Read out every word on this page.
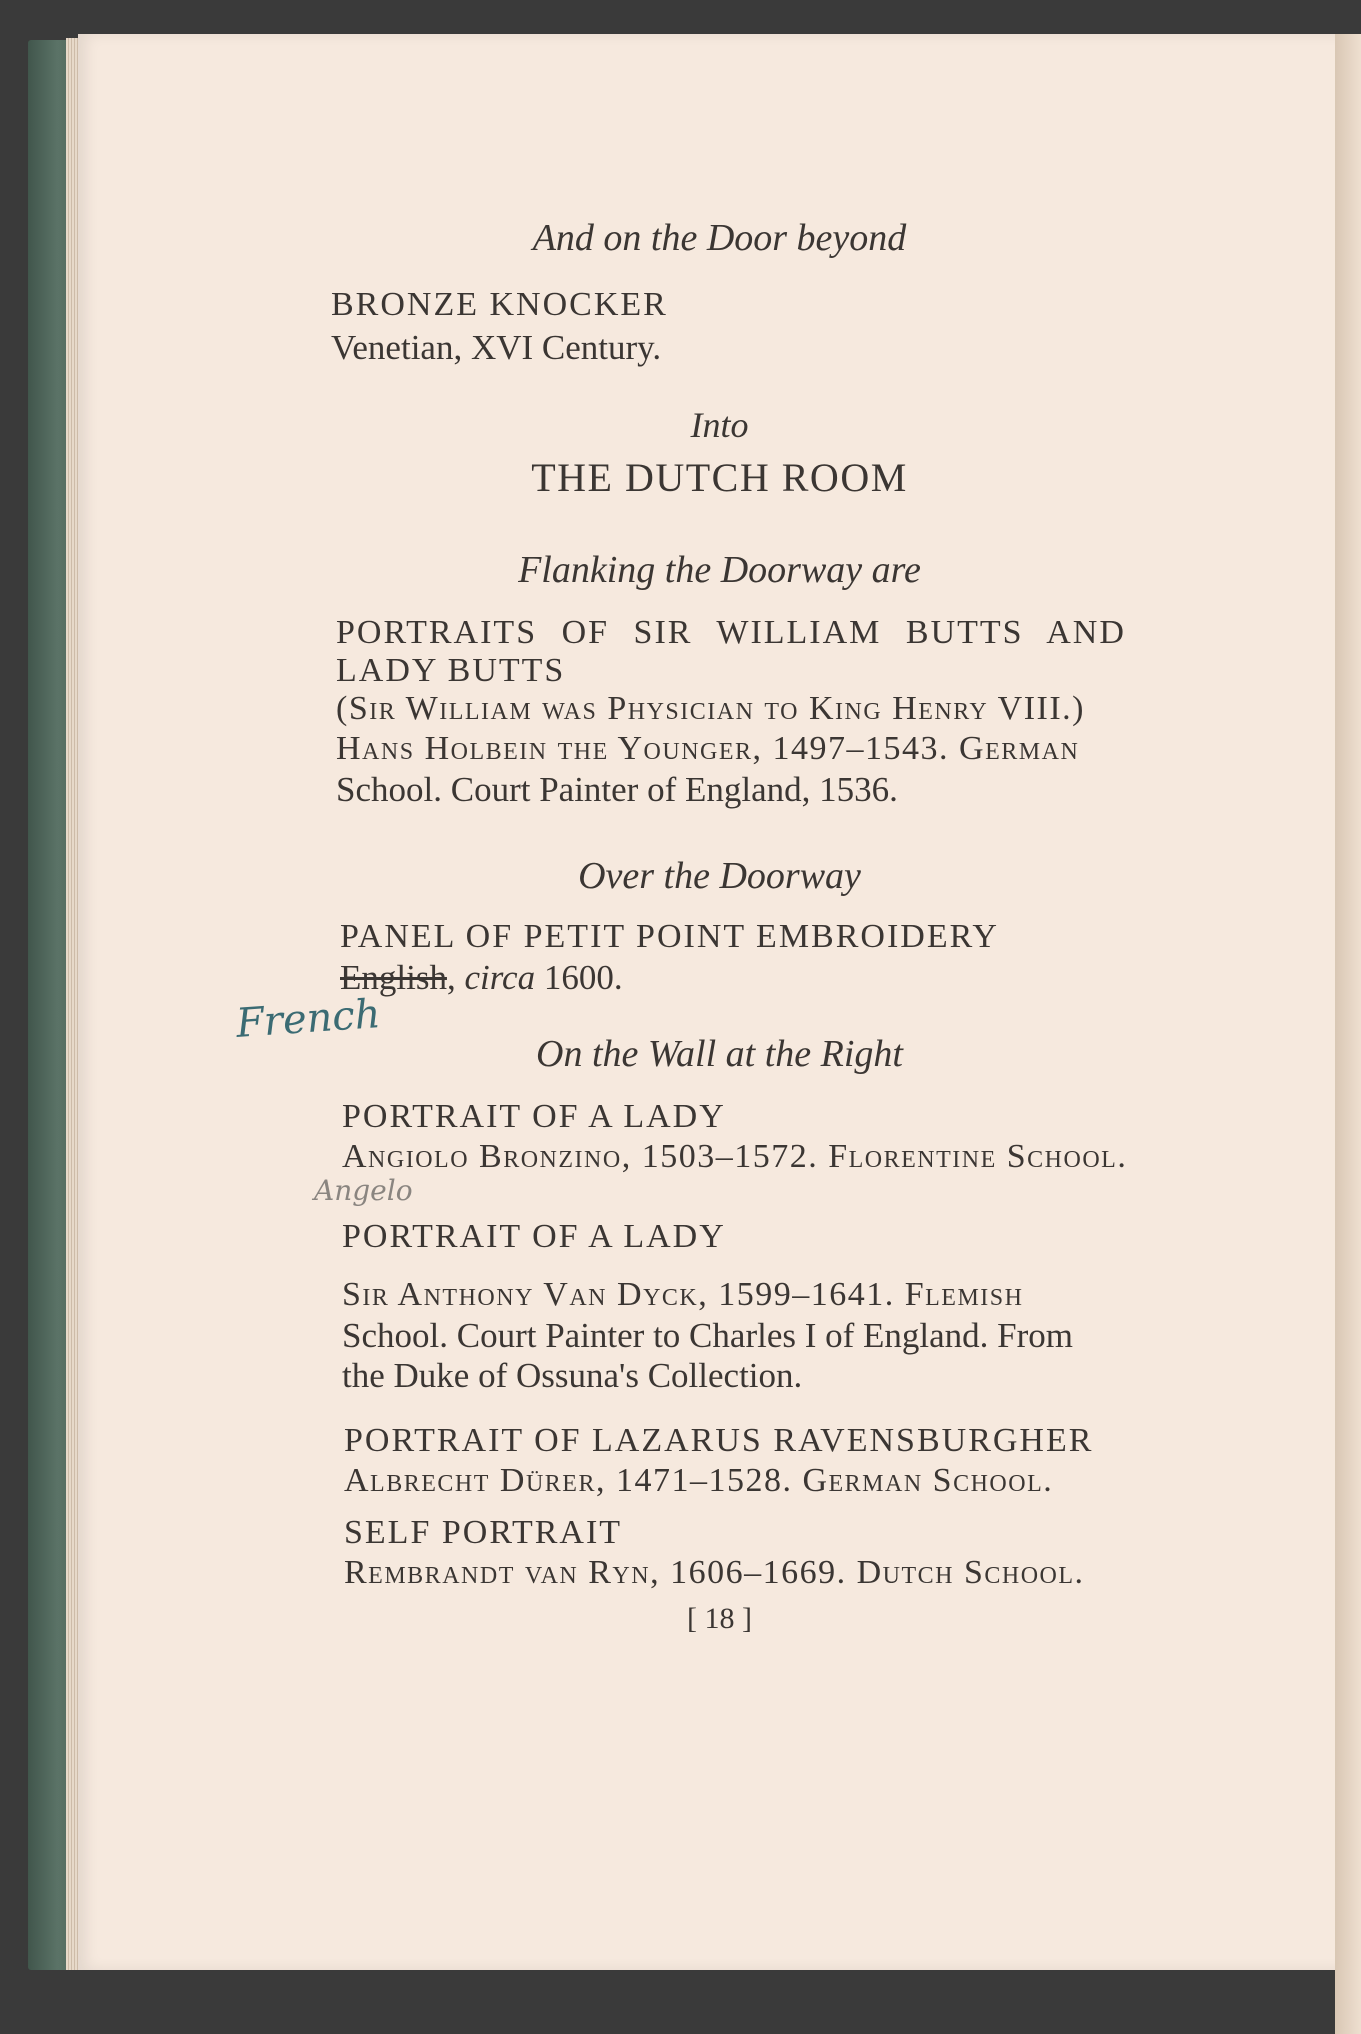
And on the Door beyond
BRONZE KNOCKER
Venetian, XVI Century.
Into
THE DUTCH ROOM
Flanking the Doorway are
PORTRAITS OF SIR WILLIAM BUTTS AND
LADY BUTTS
(Sir William was Physician to King Henry VIII.)
Hans Holbein the Younger, 1497–1543. German
School. Court Painter of England, 1536.
Over the Doorway
PANEL OF PETIT POINT EMBROIDERY
English, circa 1600.
French
On the Wall at the Right
PORTRAIT OF A LADY
Angiolo Bronzino, 1503–1572. Florentine School.
Angelo
PORTRAIT OF A LADY
Sir Anthony Van Dyck, 1599–1641. Flemish
School. Court Painter to Charles I of England. From
the Duke of Ossuna's Collection.
PORTRAIT OF LAZARUS RAVENSBURGHER
Albrecht Dürer, 1471–1528. German School.
SELF PORTRAIT
Rembrandt van Ryn, 1606–1669. Dutch School.
[ 18 ]
